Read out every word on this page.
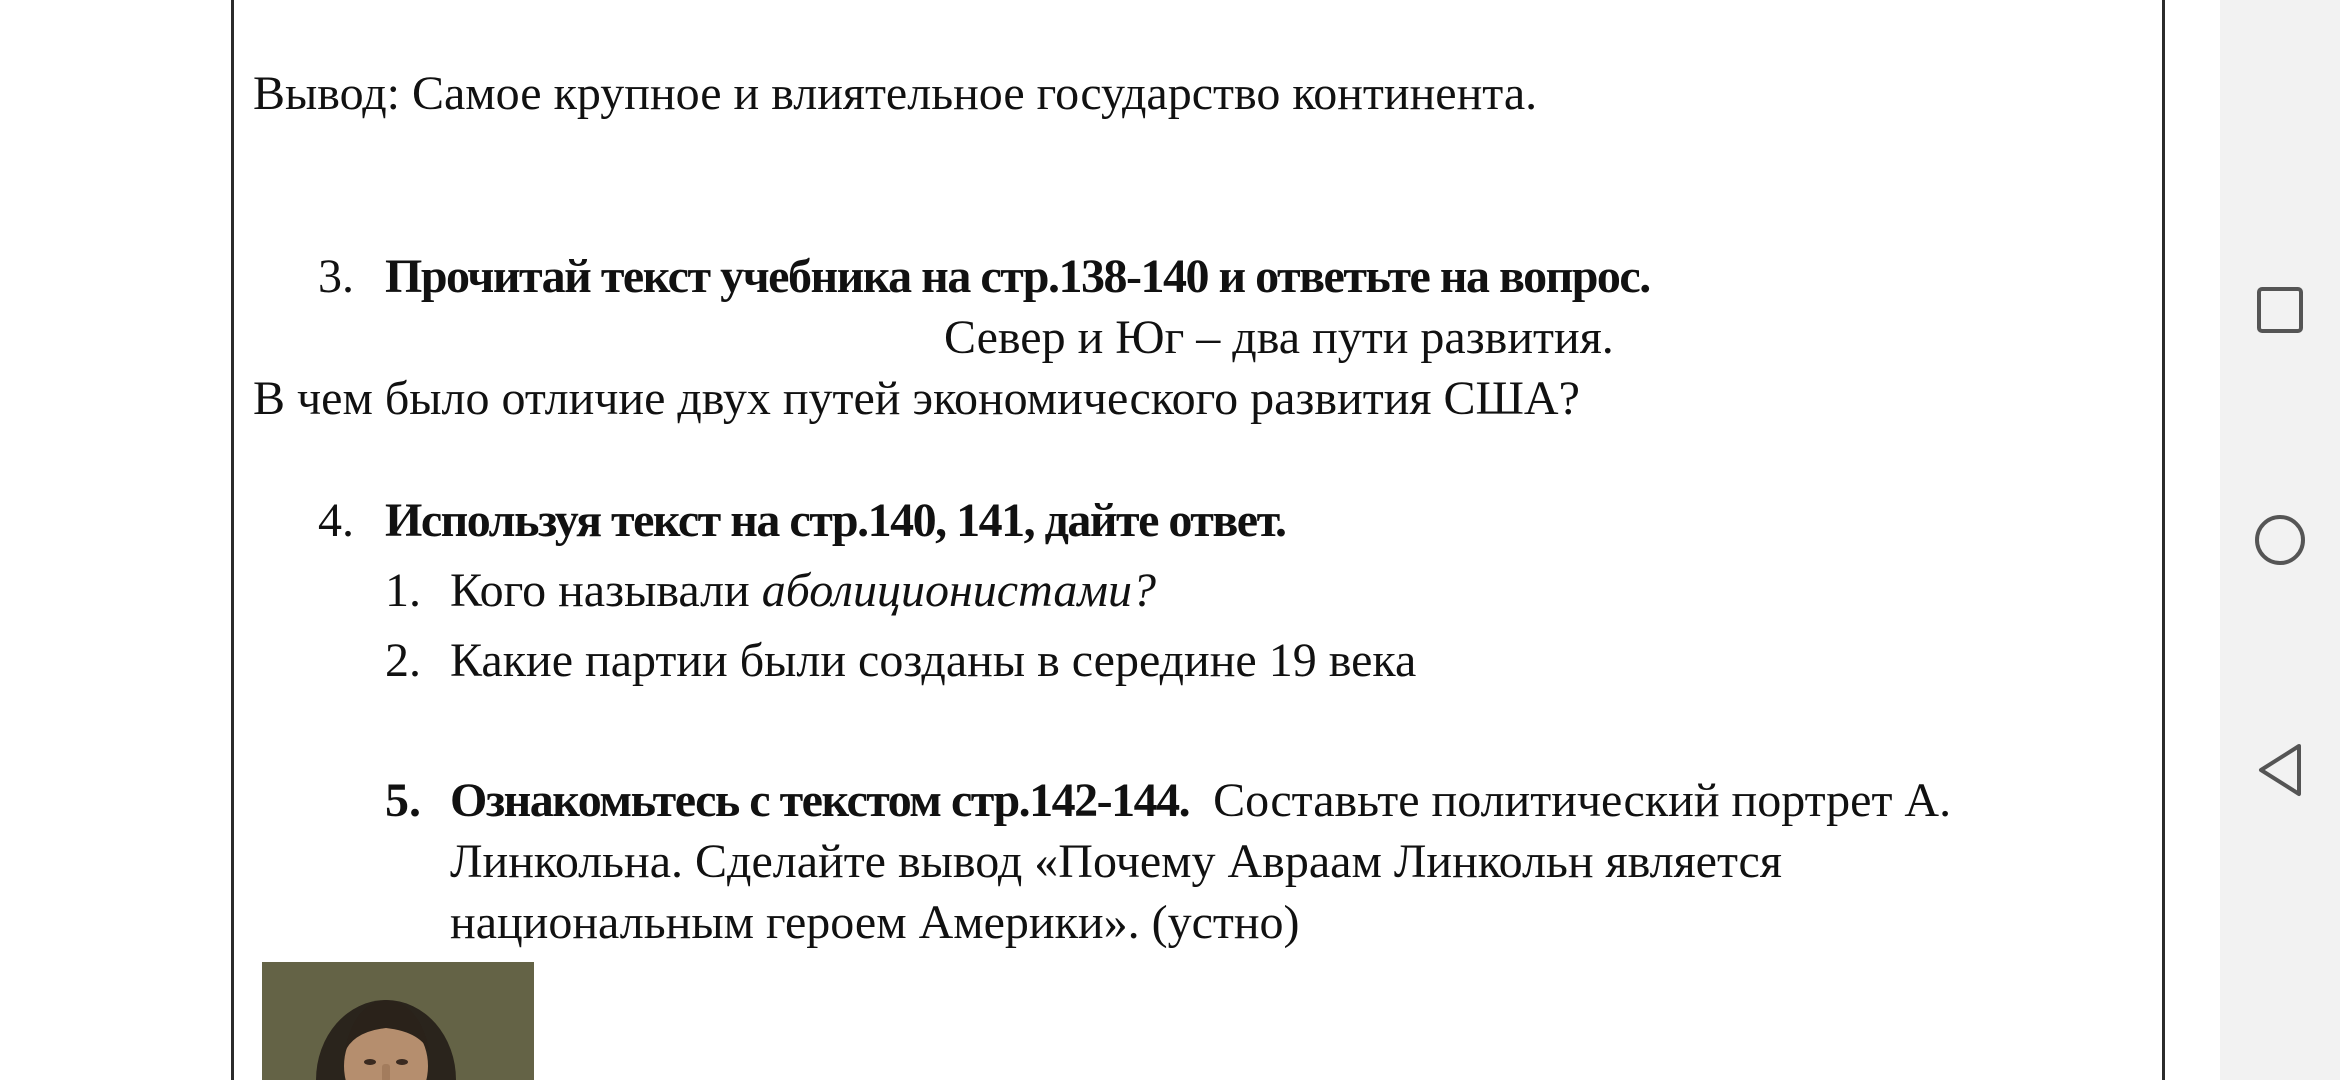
Вывод: Самое крупное и влиятельное государство континента.
3. Прочитай текст учебника на стр.138-140 и ответьте на вопрос.
Север и Юг – два пути развития.
В чем было отличие двух путей экономического развития США?
4. Используя текст на стр.140, 141, дайте ответ.
1. Кого называли аболиционистами?
2. Какие партии были созданы в середине 19 века
5. Ознакомьтесь с текстом стр.142-144. Составьте политический портрет А.
Линкольна. Сделайте вывод «Почему Авраам Линкольн является
национальным героем Америки». (устно)
